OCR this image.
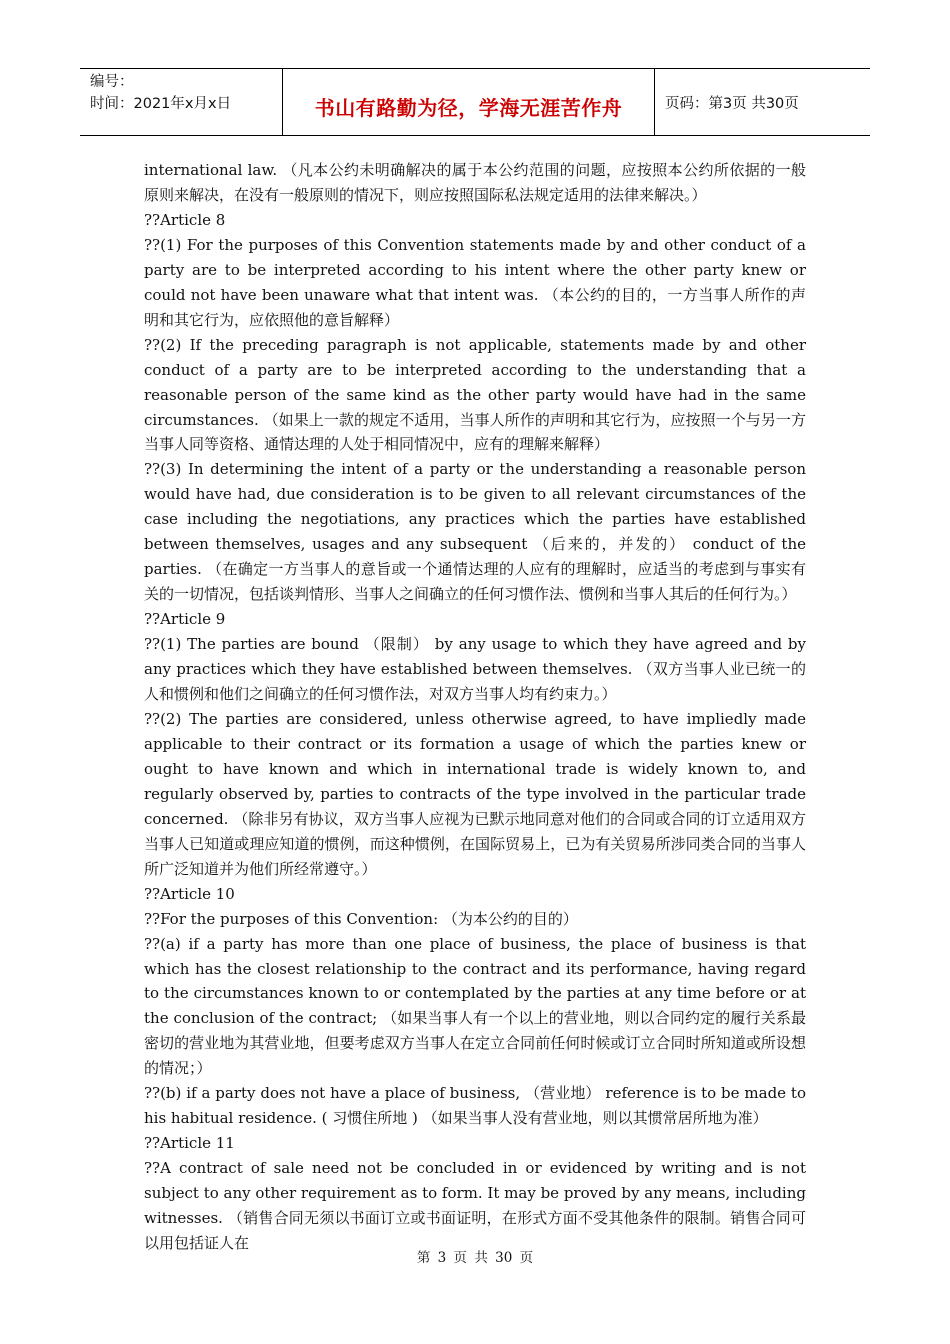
编号：
时间：2021年x月x日	书山有路勤为径，学海无涯苦作舟	页码：第3页 共30页

international law. （凡本公约未明确解决的属于本公约范围的问题，应按照本公约所依据的一般原则来解决，在没有一般原则的情况下，则应按照国际私法规定适用的法律来解决。）

??Article 8

??(1) For the purposes of this Convention statements made by and other conduct of a party are to be interpreted according to his intent where the other party knew or could not have been unaware what that intent was. （本公约的目的，一方当事人所作的声明和其它行为，应依照他的意旨解释）

??(2) If the preceding paragraph is not applicable, statements made by and other conduct of a party are to be interpreted according to the understanding that a reasonable person of the same kind as the other party would have had in the same circumstances. （如果上一款的规定不适用，当事人所作的声明和其它行为，应按照一个与另一方当事人同等资格、通情达理的人处于相同情况中，应有的理解来解释）

??(3) In determining the intent of a party or the understanding a reasonable person would have had, due consideration is to be given to all relevant circumstances of the case including the negotiations, any practices which the parties have established between themselves, usages and any subsequent （后来的，并发的） conduct of the parties. （在确定一方当事人的意旨或一个通情达理的人应有的理解时，应适当的考虑到与事实有关的一切情况，包括谈判情形、当事人之间确立的任何习惯作法、惯例和当事人其后的任何行为。）

??Article 9

??(1) The parties are bound （限制） by any usage to which they have agreed and by any practices which they have established between themselves. （双方当事人业已统一的人和惯例和他们之间确立的任何习惯作法，对双方当事人均有约束力。）

??(2) The parties are considered, unless otherwise agreed, to have impliedly made applicable to their contract or its formation a usage of which the parties knew or ought to have known and which in international trade is widely known to, and regularly observed by, parties to contracts of the type involved in the particular trade concerned. （除非另有协议，双方当事人应视为已默示地同意对他们的合同或合同的订立适用双方当事人已知道或理应知道的惯例，而这种惯例，在国际贸易上，已为有关贸易所涉同类合同的当事人所广泛知道并为他们所经常遵守。）

??Article 10

??For the purposes of this Convention: （为本公约的目的）

??(a) if a party has more than one place of business, the place of business is that which has the closest relationship to the contract and its performance, having regard to the circumstances known to or contemplated by the parties at any time before or at the conclusion of the contract; （如果当事人有一个以上的营业地，则以合同约定的履行关系最密切的营业地为其营业地，但要考虑双方当事人在定立合同前任何时候或订立合同时所知道或所设想的情况；）

??(b) if a party does not have a place of business, （营业地） reference is to be made to his habitual residence. ( 习惯住所地 ) （如果当事人没有营业地，则以其惯常居所地为准）

??Article 11

??A contract of sale need not be concluded in or evidenced by writing and is not subject to any other requirement as to form. It may be proved by any means, including witnesses. （销售合同无须以书面订立或书面证明，在形式方面不受其他条件的限制。销售合同可以用包括证人在

第 3 页 共 30 页
